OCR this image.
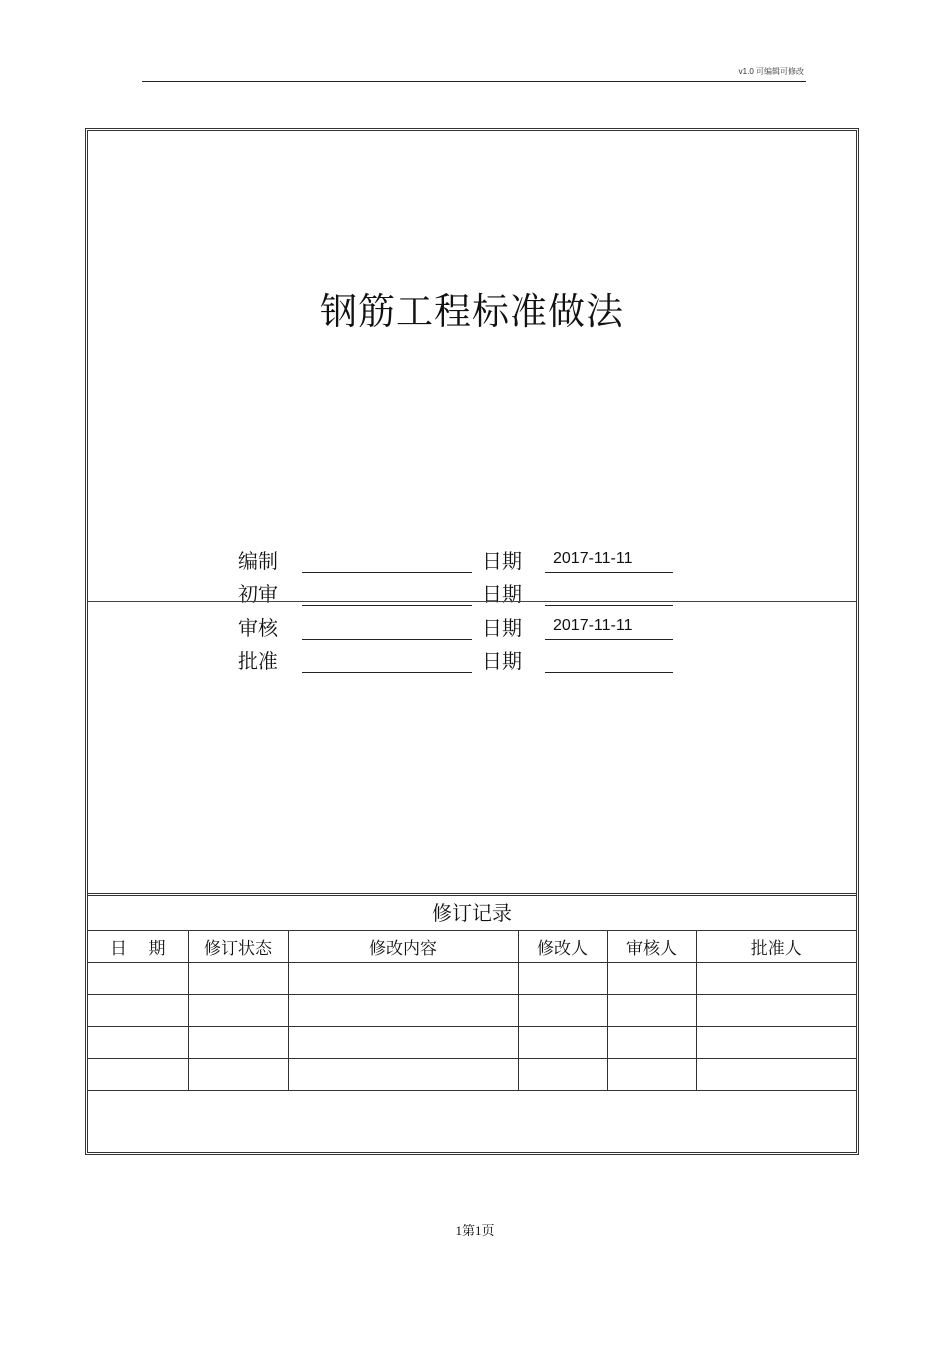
v1.0 可编辑可修改
钢筋工程标准做法
编制	日期 2017-11-11
初审	日期
审核	日期 2017-11-11
批准	日期
修订记录
日    期	修订状态	修改内容	修改人	审核人	批准人

1第1页
